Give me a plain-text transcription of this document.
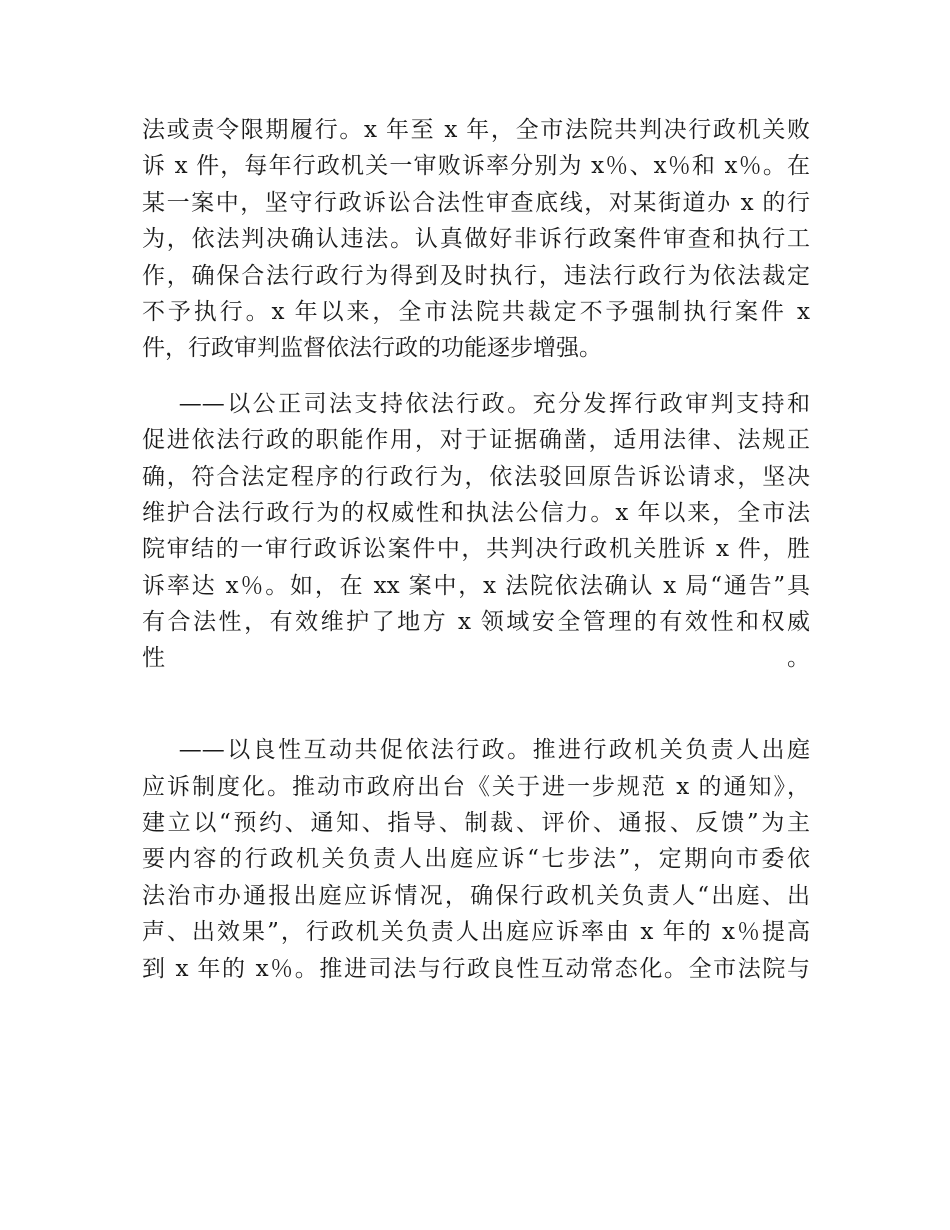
法或责令限期履行。x 年至 x 年，全市法院共判决行政机关败
诉 x 件，每年行政机关一审败诉率分别为 x％、x％和 x％。在
某一案中，坚守行政诉讼合法性审查底线，对某街道办 x 的行
为，依法判决确认违法。认真做好非诉行政案件审查和执行工
作，确保合法行政行为得到及时执行，违法行政行为依法裁定
不予执行。x 年以来，全市法院共裁定不予强制执行案件 x
件，行政审判监督依法行政的功能逐步增强。
——以公正司法支持依法行政。充分发挥行政审判支持和
促进依法行政的职能作用，对于证据确凿，适用法律、法规正
确，符合法定程序的行政行为，依法驳回原告诉讼请求，坚决
维护合法行政行为的权威性和执法公信力。x 年以来，全市法
院审结的一审行政诉讼案件中，共判决行政机关胜诉 x 件，胜
诉率达 x％。如，在 xx 案中，x 法院依法确认 x 局“通告”具
有合法性，有效维护了地方 x 领域安全管理的有效性和权威
性。
——以良性互动共促依法行政。推进行政机关负责人出庭
应诉制度化。推动市政府出台《关于进一步规范 x 的通知》，
建立以“预约、通知、指导、制裁、评价、通报、反馈”为主
要内容的行政机关负责人出庭应诉“七步法”，定期向市委依
法治市办通报出庭应诉情况，确保行政机关负责人“出庭、出
声、出效果”，行政机关负责人出庭应诉率由 x 年的 x％提高
到 x 年的 x％。推进司法与行政良性互动常态化。全市法院与
